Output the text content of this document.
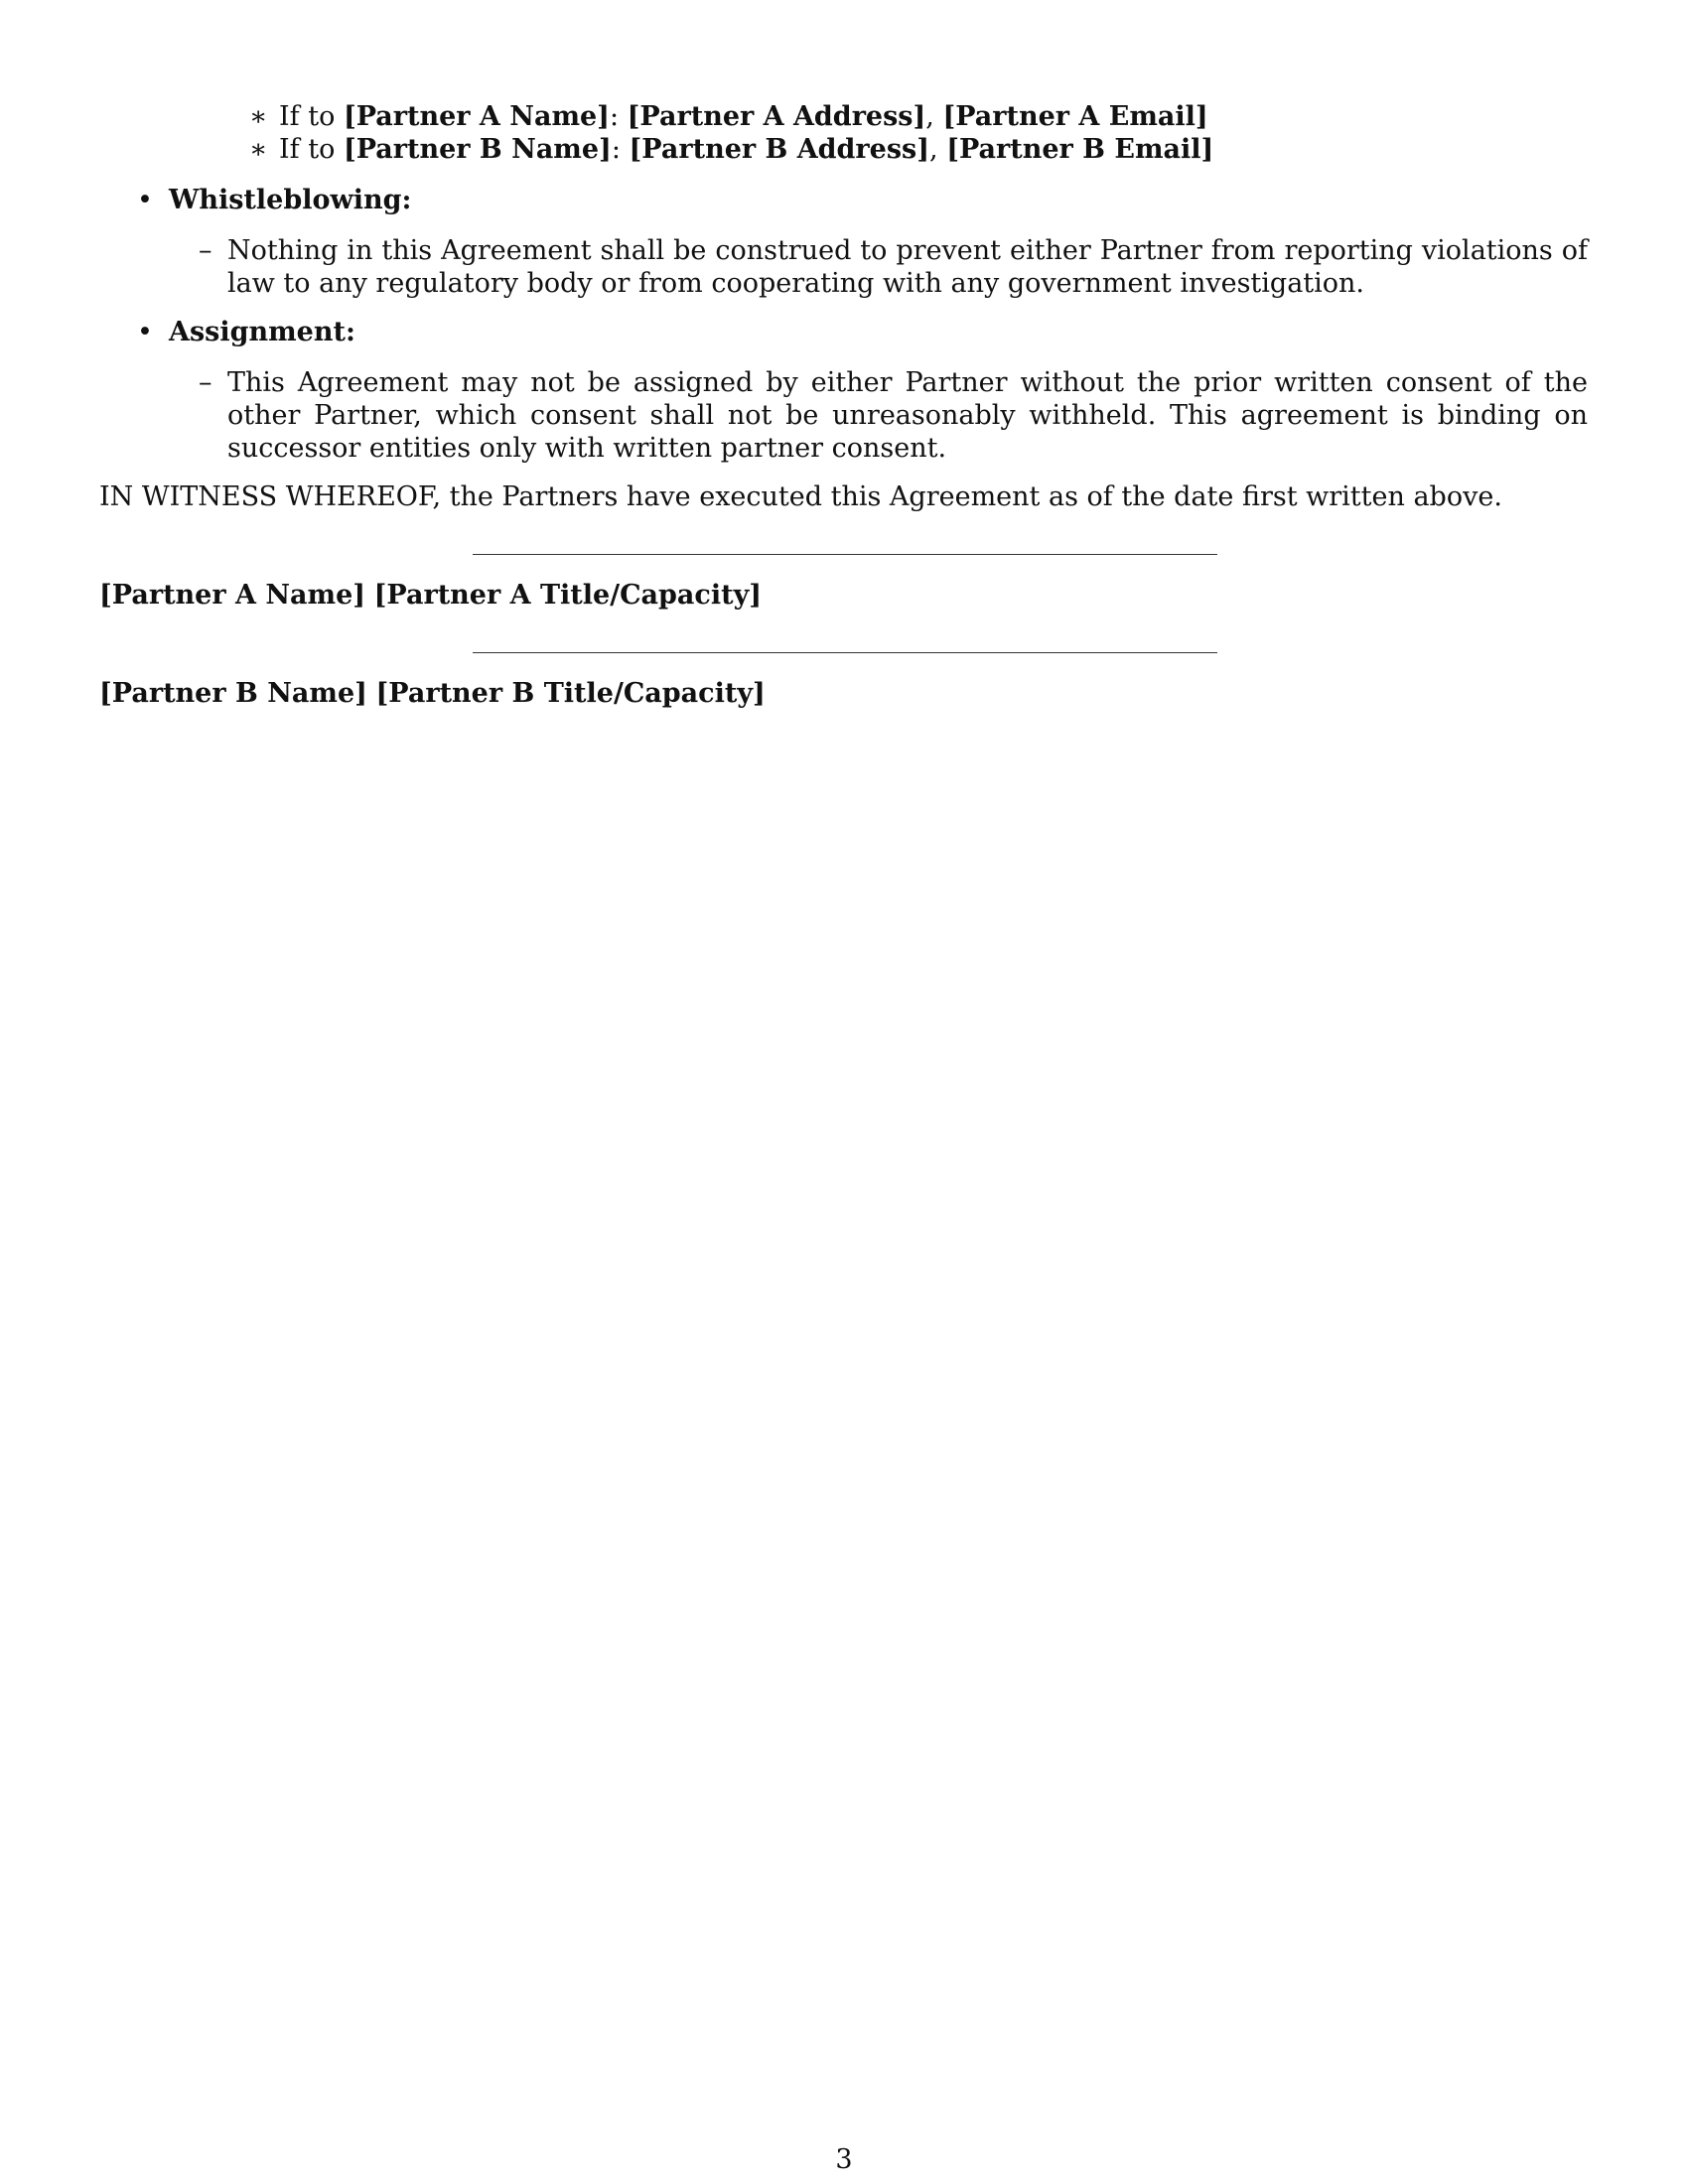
∗ If to [Partner A Name]: [Partner A Address], [Partner A Email]
∗ If to [Partner B Name]: [Partner B Address], [Partner B Email]
• Whistleblowing:
– Nothing in this Agreement shall be construed to prevent either Partner from reporting violations of law to any regulatory body or from cooperating with any government investigation.
• Assignment:
– This Agreement may not be assigned by either Partner without the prior written consent of the other Partner, which consent shall not be unreasonably withheld. This agreement is binding on successor entities only with written partner consent.
IN WITNESS WHEREOF, the Partners have executed this Agreement as of the date first written above.
[Partner A Name] [Partner A Title/Capacity]
[Partner B Name] [Partner B Title/Capacity]
3
